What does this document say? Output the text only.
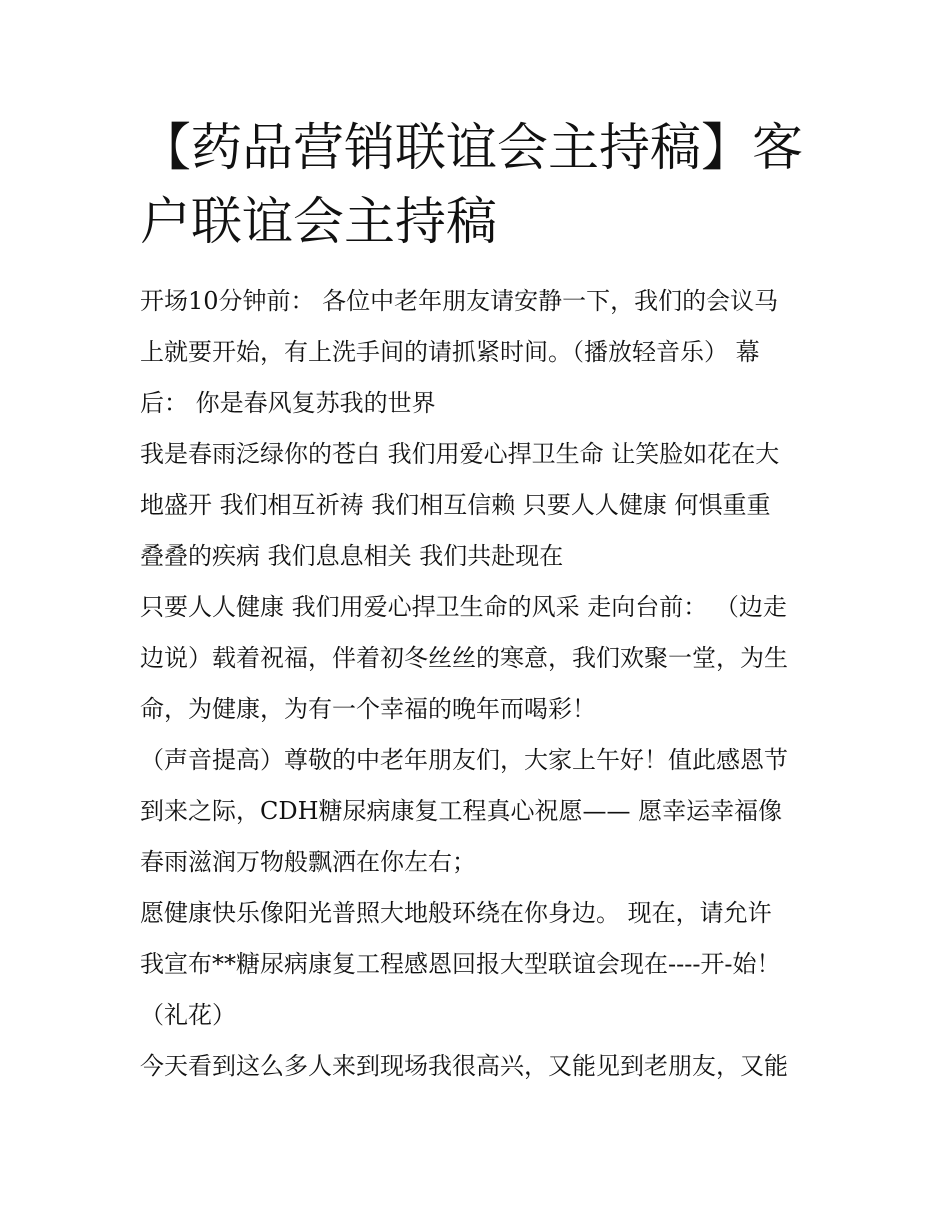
【药品营销联谊会主持稿】客
户联谊会主持稿
开场10分钟前： 各位中老年朋友请安静一下，我们的会议马
上就要开始，有上洗手间的请抓紧时间。（播放轻音乐） 幕
后： 你是春风复苏我的世界
我是春雨泛绿你的苍白 我们用爱心捍卫生命 让笑脸如花在大
地盛开 我们相互祈祷 我们相互信赖 只要人人健康 何惧重重
叠叠的疾病 我们息息相关 我们共赴现在
只要人人健康 我们用爱心捍卫生命的风采 走向台前： （边走
边说）载着祝福，伴着初冬丝丝的寒意，我们欢聚一堂，为生
命，为健康，为有一个幸福的晚年而喝彩！
（声音提高）尊敬的中老年朋友们，大家上午好！值此感恩节
到来之际，CDH糖尿病康复工程真心祝愿—— 愿幸运幸福像
春雨滋润万物般飘洒在你左右；
愿健康快乐像阳光普照大地般环绕在你身边。 现在，请允许
我宣布**糖尿病康复工程感恩回报大型联谊会现在----开-始！
（礼花）
今天看到这么多人来到现场我很高兴，又能见到老朋友，又能
